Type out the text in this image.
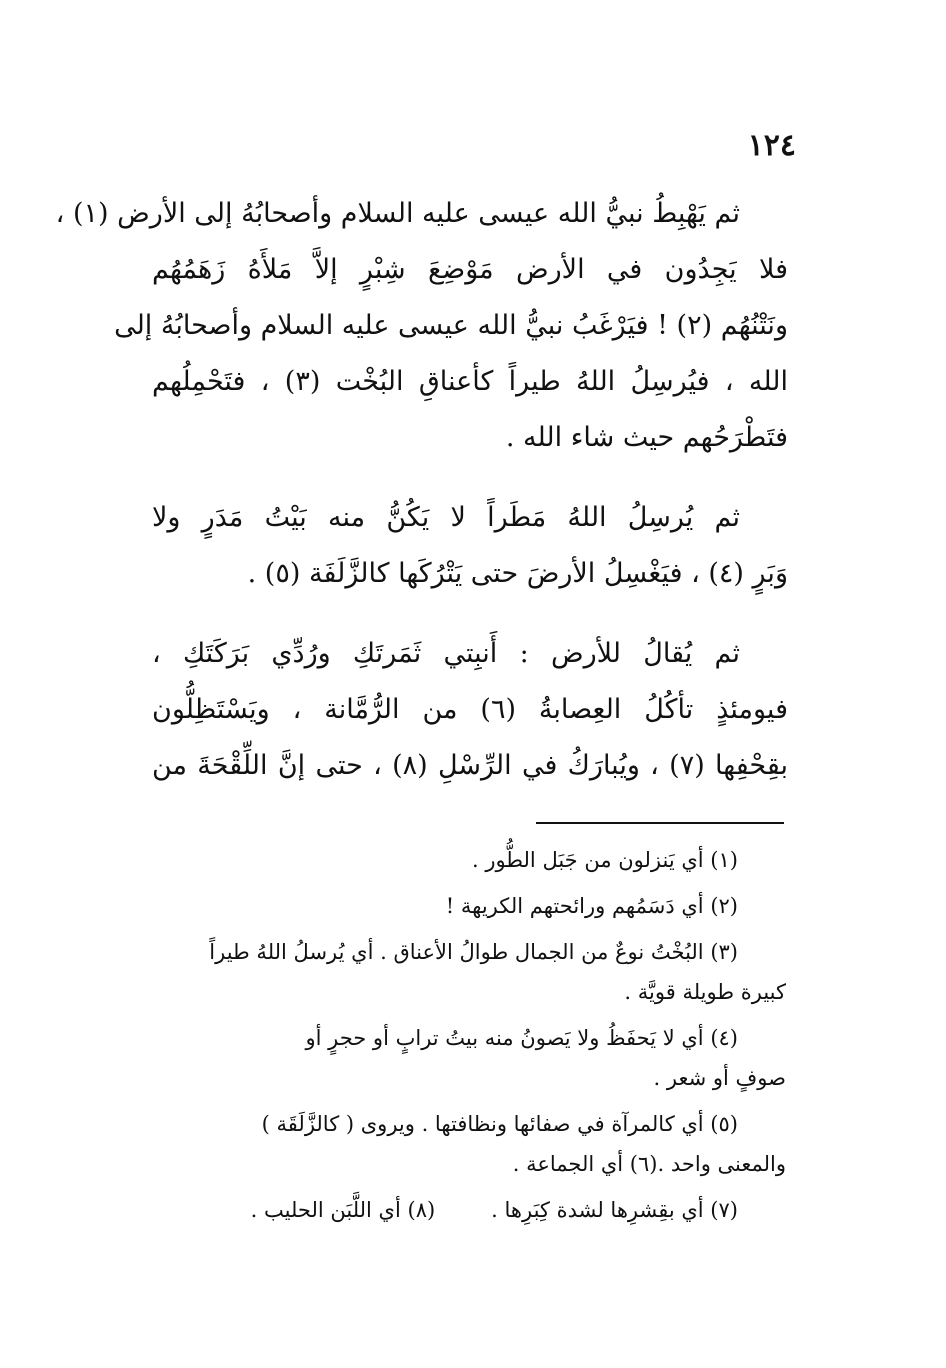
١٢٤
ثم يَهْبِطُ نبيُّ الله عيسى عليه السلام وأصحابُهُ إلى الأرض (١) ،
فلا يَجِدُون في الأرض مَوْضِعَ شِبْرٍ إلاَّ مَلأَهُ زَهَمُهُم
ونَتْنُهُم (٢) ! فيَرْغَبُ نبيُّ الله عيسى عليه السلام وأصحابُهُ إلى
الله ، فيُرسِلُ اللهُ طيراً كأعناقِ البُخْت (٣) ، فتَحْمِلُهم
فتَطْرَحُهم حيث شاء الله .
ثم يُرسِلُ اللهُ مَطَراً لا يَكُنُّ منه بَيْتُ مَدَرٍ ولا
وَبَرٍ (٤) ، فيَغْسِلُ الأرضَ حتى يَتْرُكَها كالزَّلَفَة (٥) .
ثم يُقالُ للأرض : أَنبِتي ثَمَرتَكِ ورُدِّي بَرَكَتَكِ ،
فيومئذٍ تأكُلُ العِصابةُ (٦) من الرُّمَّانة ، ويَسْتَظِلُّون
بقِحْفِها (٧) ، ويُبارَكُ في الرِّسْلِ (٨) ، حتى إنَّ اللِّقْحَةَ من
(١) أي يَنزلون من جَبَل الطُّور .
(٢) أي دَسَمُهم ورائحتهم الكريهة !
(٣) البُخْتُ نوعٌ من الجمال طوالُ الأعناق . أي يُرسلُ اللهُ طيراً
كبيرة طويلة قويَّة .
(٤) أي لا يَحفَظُ ولا يَصونُ منه بيتُ ترابٍ أو حجرٍ أو
صوفٍ أو شعر .
(٥) أي كالمرآة في صفائها ونظافتها . ويروى ( كالزَّلَقَة )
والمعنى واحد .(٦) أي الجماعة .
(٧) أي بقِشرِها لشدة كِبَرِها .(٨) أي اللَّبَن الحليب .
